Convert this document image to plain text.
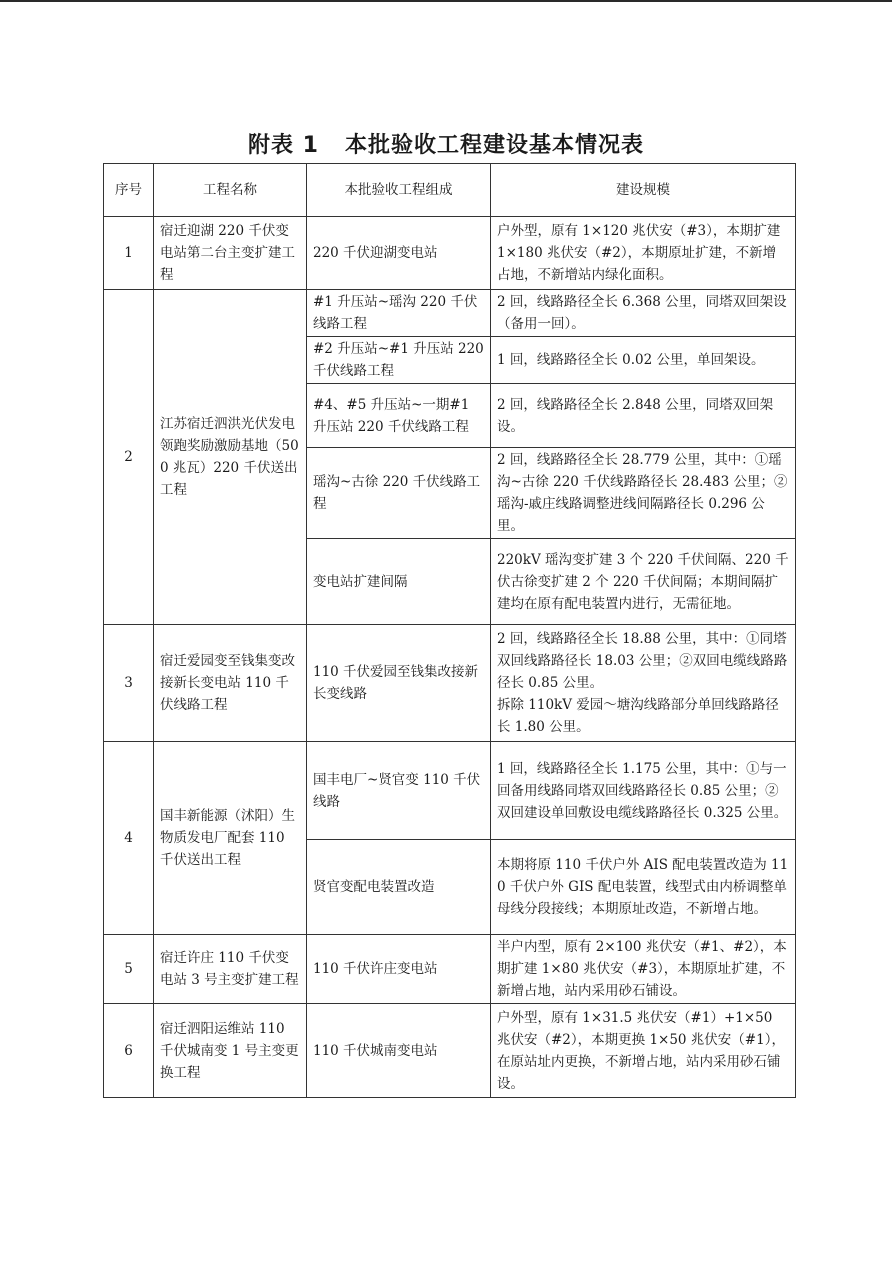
附表 1   本批验收工程建设基本情况表
序号	工程名称	本批验收工程组成	建设规模
1	宿迁迎湖 220 千伏变电站第二台主变扩建工程	220 千伏迎湖变电站	户外型，原有 1×120 兆伏安（#3），本期扩建 1×180 兆伏安（#2），本期原址扩建，不新增占地，不新增站内绿化面积。
2	江苏宿迁泗洪光伏发电领跑奖励激励基地（500 兆瓦）220 千伏送出工程	#1 升压站~瑶沟 220 千伏线路工程	2 回，线路路径全长 6.368 公里，同塔双回架设（备用一回）。
		#2 升压站~#1 升压站 220 千伏线路工程	1 回，线路路径全长 0.02 公里，单回架设。
		#4、#5 升压站~一期#1 升压站 220 千伏线路工程	2 回，线路路径全长 2.848 公里，同塔双回架设。
		瑶沟~古徐 220 千伏线路工程	2 回，线路路径全长 28.779 公里，其中：①瑶沟~古徐 220 千伏线路路径长 28.483 公里；②瑶沟-戚庄线路调整进线间隔路径长 0.296 公里。
		变电站扩建间隔	220kV 瑶沟变扩建 3 个 220 千伏间隔、220 千伏古徐变扩建 2 个 220 千伏间隔；本期间隔扩建均在原有配电装置内进行，无需征地。
3	宿迁爱园变至钱集变改接新长变电站 110 千伏线路工程	110 千伏爱园至钱集改接新长变线路	2 回，线路路径全长 18.88 公里，其中：①同塔双回线路路径长 18.03 公里；②双回电缆线路路径长 0.85 公里。
拆除 110kV 爱园～塘沟线路部分单回线路路径长 1.80 公里。

4	国丰新能源（沭阳）生物质发电厂配套 110 千伏送出工程	国丰电厂~贤官变 110 千伏线路	1 回，线路路径全长 1.175 公里，其中：①与一回备用线路同塔双回线路路径长 0.85 公里；②双回建设单回敷设电缆线路路径长 0.325 公里。
		贤官变配电装置改造	本期将原 110 千伏户外 AIS 配电装置改造为 110 千伏户外 GIS 配电装置，线型式由内桥调整单母线分段接线；本期原址改造，不新增占地。
5	宿迁许庄 110 千伏变电站 3 号主变扩建工程	110 千伏许庄变电站	半户内型，原有 2×100 兆伏安（#1、#2），本期扩建 1×80 兆伏安（#3），本期原址扩建，不新增占地，站内采用砂石铺设。
6	宿迁泗阳运维站 110 千伏城南变 1 号主变更换工程	110 千伏城南变电站	户外型，原有 1×31.5 兆伏安（#1）+1×50 兆伏安（#2），本期更换 1×50 兆伏安（#1），在原站址内更换，不新增占地，站内采用砂石铺设。
